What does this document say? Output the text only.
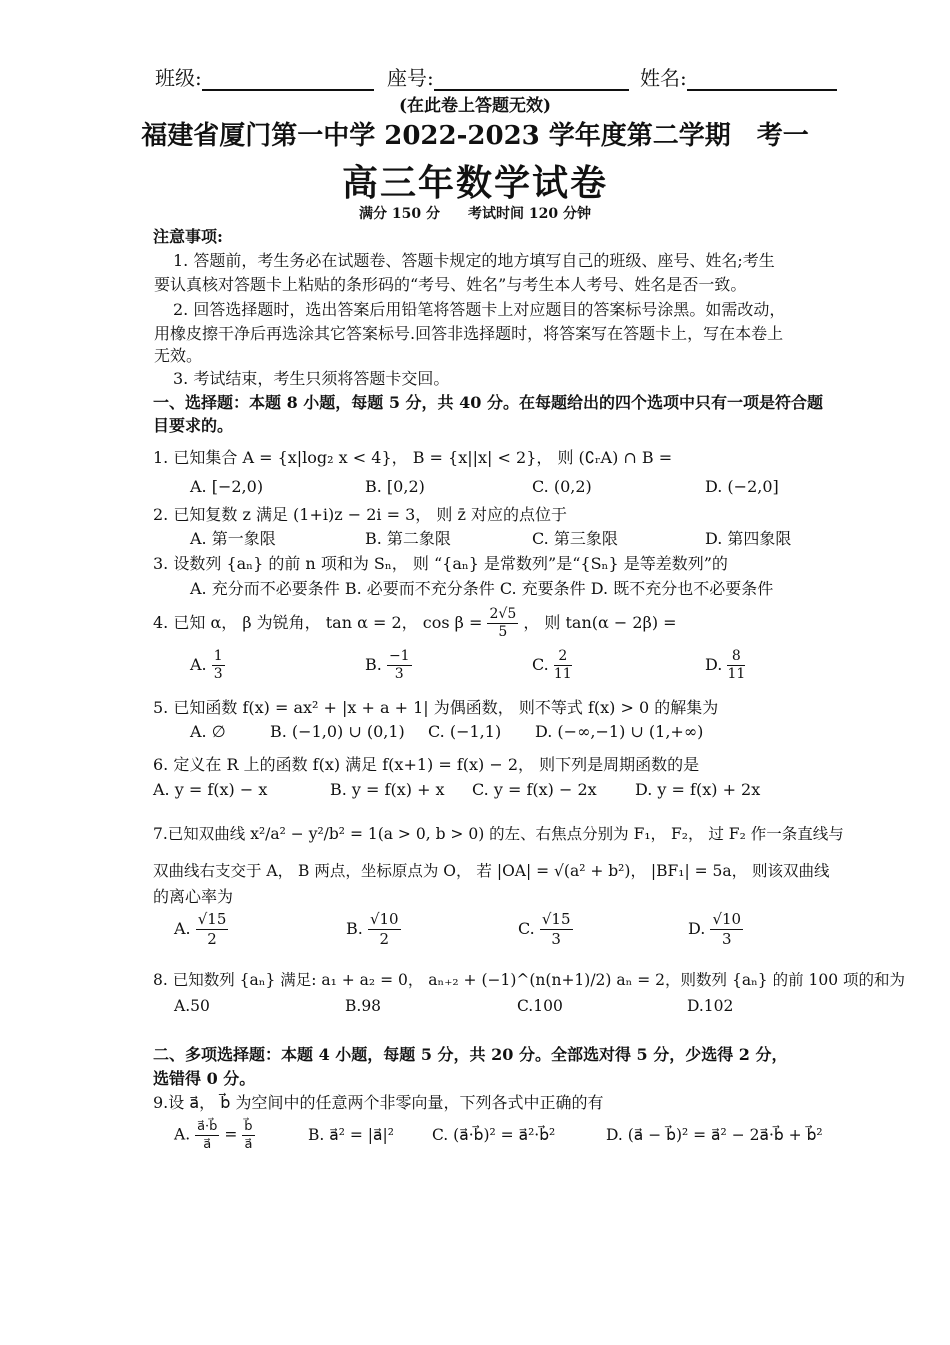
班级:	座号:	姓名:
(在此卷上答题无效)
福建省厦门第一中学 2022-2023 学年度第二学期　考一
高三年数学试卷
满分 150 分　　考试时间 120 分钟
注意事项:
1. 答题前，考生务必在试题卷、答题卡规定的地方填写自己的班级、座号、姓名;考生
要认真核对答题卡上粘贴的条形码的“考号、姓名”与考生本人考号、姓名是否一致。
2. 回答选择题时，选出答案后用铅笔将答题卡上对应题目的答案标号涂黑。如需改动，
用橡皮擦干净后再选涂其它答案标号.回答非选择题时，将答案写在答题卡上，写在本卷上
无效。
3. 考试结束，考生只须将答题卡交回。
一、选择题：本题 8 小题，每题 5 分，共 40 分。在每题给出的四个选项中只有一项是符合题
目要求的。
1. 已知集合 A = {x|log₂ x < 4}， B = {x||x| < 2}， 则 (∁ᵣA) ∩ B =
A. [−2,0)	B. [0,2)	C. (0,2)	D. (−2,0]
2. 已知复数 z 满足 (1+i)z − 2i = 3， 则 z̄ 对应的点位于
A. 第一象限	B. 第二象限	C. 第三象限	D. 第四象限
3. 设数列 {aₙ} 的前 n 项和为 Sₙ， 则 “{aₙ} 是常数列”是“{Sₙ} 是等差数列”的
A. 充分而不必要条件 B. 必要而不充分条件 C. 充要条件 D. 既不充分也不必要条件
4. 已知 α， β 为锐角， tan α = 2， $\cos \beta = \frac{2√5}{5}$ ， 则 tan(α − 2β) =
A. $\frac{1}{3}$	B. $\frac{-1}{3}$	C. $\frac{2}{11}$	D. $\frac{8}{11}$
5. 已知函数 f(x) = ax² + |x + a + 1| 为偶函数， 则不等式 f(x) > 0 的解集为
A. ∅	B. (−1,0) ∪ (0,1) C. (−1,1) D. (−∞,−1) ∪ (1,+∞)
6. 定义在 R 上的函数 f(x) 满足 f(x+1) = f(x) − 2， 则下列是周期函数的是
A. y = f(x) − x	B. y = f(x) + x C. y = f(x) − 2x D. y = f(x) + 2x
7.已知双曲线 x²/a² − y²/b² = 1(a > 0, b > 0) 的左、右焦点分别为 F₁， F₂， 过 F₂ 作一条直线与
双曲线右支交于 A， B 两点，坐标原点为 O， 若 |OA| = √(a² + b²)， |BF₁| = 5a， 则该双曲线
的离心率为
A. $\frac{√15}{2}$	B. $\frac{√10}{2}$	C. $\frac{√15}{3}$	D. $\frac{√10}{3}$
8. 已知数列 {aₙ} 满足: a₁ + a₂ = 0， aₙ₊₂ + (−1)^(n(n+1)/2) aₙ = 2，则数列 {aₙ} 的前 100 项的和为
A.50	B.98	C.100	D.102
二、多项选择题：本题 4 小题，每题 5 分，共 20 分。全部选对得 5 分，少选得 2 分，
选错得 0 分。
9.设 a⃗， b⃗ 为空间中的任意两个非零向量，下列各式中正确的有
A. $\frac{a⃗\cdot b⃗}{a⃗} = \frac{b⃗}{a⃗}$	B. a⃗² = |a⃗|² C. (a⃗·b⃗)² = a⃗²·b⃗²	D. (a⃗ − b⃗)² = a⃗² − 2a⃗·b⃗ + b⃗²
